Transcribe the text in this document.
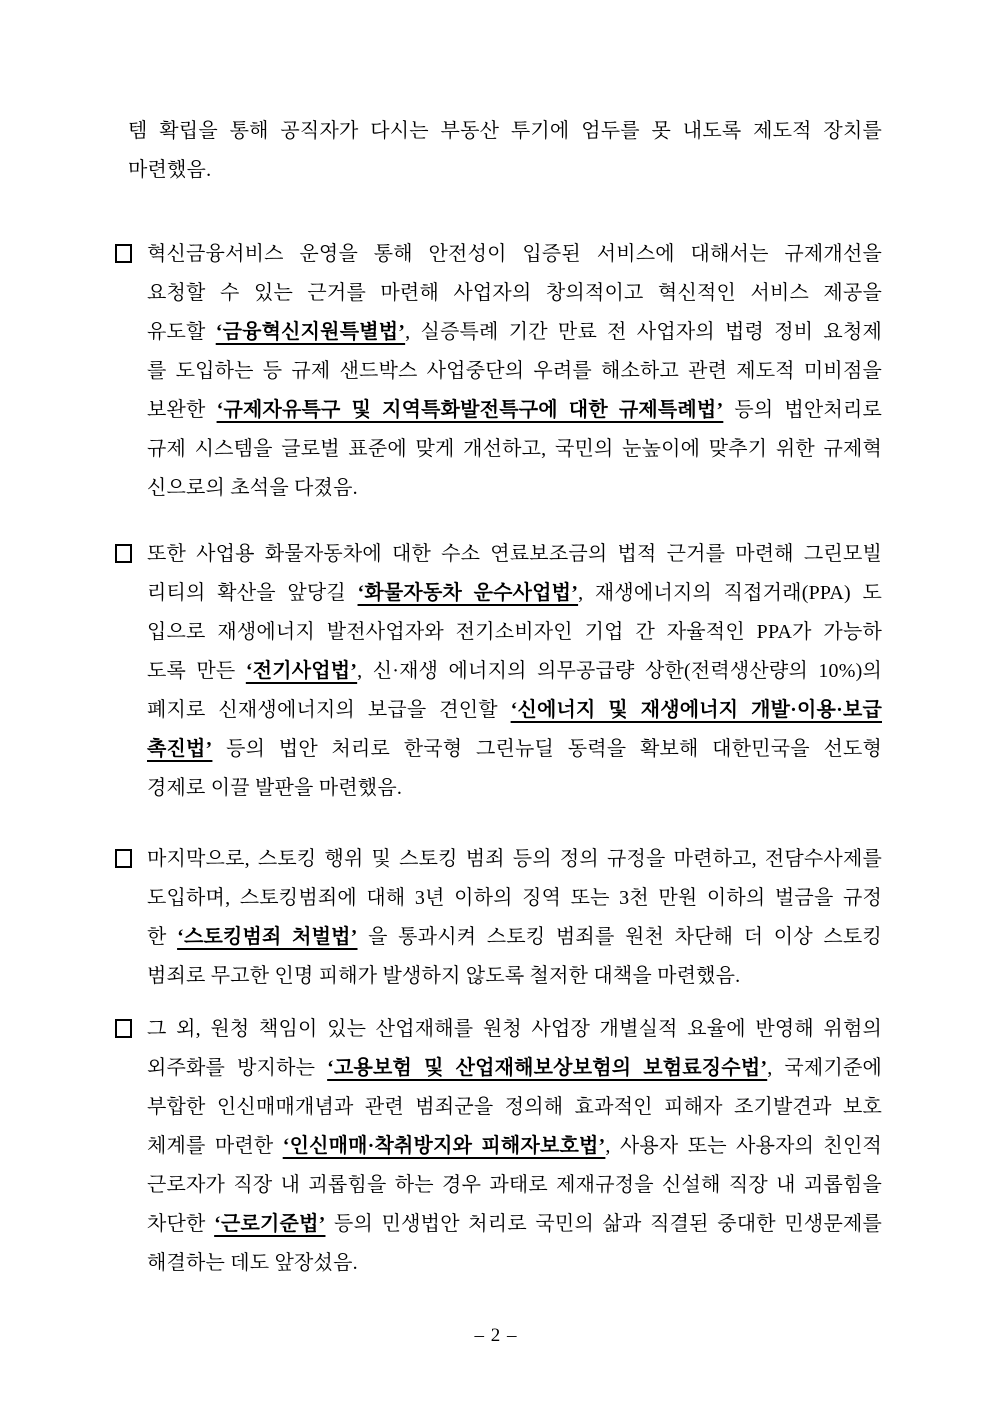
템 확립을 통해 공직자가 다시는 부동산 투기에 엄두를 못 내도록 제도적 장치를
마련했음.
혁신금융서비스 운영을 통해 안전성이 입증된 서비스에 대해서는 규제개선을
요청할 수 있는 근거를 마련해 사업자의 창의적이고 혁신적인 서비스 제공을
유도할 ‘금융혁신지원특별법’, 실증특례 기간 만료 전 사업자의 법령 정비 요청제
를 도입하는 등 규제 샌드박스 사업중단의 우려를 해소하고 관련 제도적 미비점을
보완한 ‘규제자유특구 및 지역특화발전특구에 대한 규제특례법’ 등의 법안처리로
규제 시스템을 글로벌 표준에 맞게 개선하고, 국민의 눈높이에 맞추기 위한 규제혁
신으로의 초석을 다졌음.
또한 사업용 화물자동차에 대한 수소 연료보조금의 법적 근거를 마련해 그린모빌
리티의 확산을 앞당길 ‘화물자동차 운수사업법’, 재생에너지의 직접거래(PPA) 도
입으로 재생에너지 발전사업자와 전기소비자인 기업 간 자율적인 PPA가 가능하
도록 만든 ‘전기사업법’, 신·재생 에너지의 의무공급량 상한(전력생산량의 10%)의
폐지로 신재생에너지의 보급을 견인할 ‘신에너지 및 재생에너지 개발·이용·보급
촉진법’ 등의 법안 처리로 한국형 그린뉴딜 동력을 확보해 대한민국을 선도형
경제로 이끌 발판을 마련했음.
마지막으로, 스토킹 행위 및 스토킹 범죄 등의 정의 규정을 마련하고, 전담수사제를
도입하며, 스토킹범죄에 대해 3년 이하의 징역 또는 3천 만원 이하의 벌금을 규정
한 ‘스토킹범죄 처벌법’ 을 통과시켜 스토킹 범죄를 원천 차단해 더 이상 스토킹
범죄로 무고한 인명 피해가 발생하지 않도록 철저한 대책을 마련했음.
그 외, 원청 책임이 있는 산업재해를 원청 사업장 개별실적 요율에 반영해 위험의
외주화를 방지하는 ‘고용보험 및 산업재해보상보험의 보험료징수법’, 국제기준에
부합한 인신매매개념과 관련 범죄군을 정의해 효과적인 피해자 조기발견과 보호
체계를 마련한 ‘인신매매·착취방지와 피해자보호법’, 사용자 또는 사용자의 친인적
근로자가 직장 내 괴롭힘을 하는 경우 과태로 제재규정을 신설해 직장 내 괴롭힘을
차단한 ‘근로기준법’ 등의 민생법안 처리로 국민의 삶과 직결된 중대한 민생문제를
해결하는 데도 앞장섰음.
– 2 –
